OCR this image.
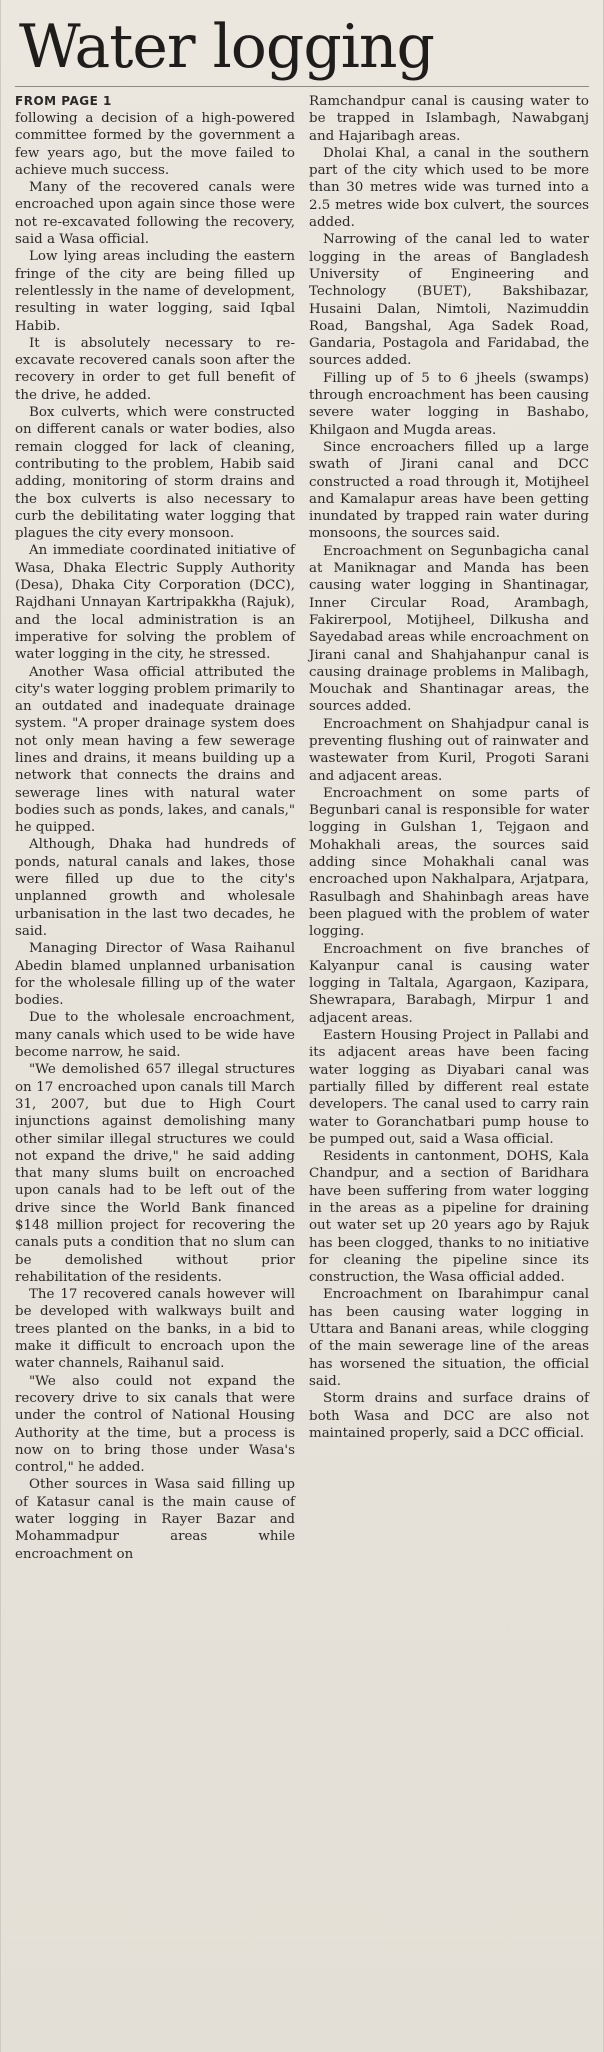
Water logging
FROM PAGE 1

following a decision of a high-powered committee formed by the government a few years ago, but the move failed to achieve much success.

Many of the recovered canals were encroached upon again since those were not re-excavated following the recovery, said a Wasa official.

Low lying areas including the eastern fringe of the city are being filled up relentlessly in the name of development, resulting in water logging, said Iqbal Habib.

It is absolutely necessary to re-excavate recovered canals soon after the recovery in order to get full benefit of the drive, he added.

Box culverts, which were constructed on different canals or water bodies, also remain clogged for lack of cleaning, contributing to the problem, Habib said adding, monitoring of storm drains and the box culverts is also necessary to curb the debilitating water logging that plagues the city every monsoon.

An immediate coordinated initiative of Wasa, Dhaka Electric Supply Authority (Desa), Dhaka City Corporation (DCC), Rajdhani Unnayan Kartripakkha (Rajuk), and the local administration is an imperative for solving the problem of water logging in the city, he stressed.

Another Wasa official attributed the city's water logging problem primarily to an outdated and inadequate drainage system. "A proper drainage system does not only mean having a few sewerage lines and drains, it means building up a network that connects the drains and sewerage lines with natural water bodies such as ponds, lakes, and canals," he quipped.

Although, Dhaka had hundreds of ponds, natural canals and lakes, those were filled up due to the city's unplanned growth and wholesale urbanisation in the last two decades, he said.

Managing Director of Wasa Raihanul Abedin blamed unplanned urbanisation for the wholesale filling up of the water bodies.

Due to the wholesale encroachment, many canals which used to be wide have become narrow, he said.

"We demolished 657 illegal structures on 17 encroached upon canals till March 31, 2007, but due to High Court injunctions against demolishing many other similar illegal structures we could not expand the drive," he said adding that many slums built on encroached upon canals had to be left out of the drive since the World Bank financed $148 million project for recovering the canals puts a condition that no slum can be demolished without prior rehabilitation of the residents.

The 17 recovered canals however will be developed with walkways built and trees planted on the banks, in a bid to make it difficult to encroach upon the water channels, Raihanul said.

"We also could not expand the recovery drive to six canals that were under the control of National Housing Authority at the time, but a process is now on to bring those under Wasa's control," he added.

Other sources in Wasa said filling up of Katasur canal is the main cause of water logging in Rayer Bazar and Mohammadpur areas while encroachment on

Ramchandpur canal is causing water to be trapped in Islambagh, Nawabganj and Hajaribagh areas.

Dholai Khal, a canal in the southern part of the city which used to be more than 30 metres wide was turned into a 2.5 metres wide box culvert, the sources added.

Narrowing of the canal led to water logging in the areas of Bangladesh University of Engineering and Technology (BUET), Bakshibazar, Husaini Dalan, Nimtoli, Nazimuddin Road, Bangshal, Aga Sadek Road, Gandaria, Postagola and Faridabad, the sources added.

Filling up of 5 to 6 jheels (swamps) through encroachment has been causing severe water logging in Bashabo, Khilgaon and Mugda areas.

Since encroachers filled up a large swath of Jirani canal and DCC constructed a road through it, Motijheel and Kamalapur areas have been getting inundated by trapped rain water during monsoons, the sources said.

Encroachment on Segunbagicha canal at Maniknagar and Manda has been causing water logging in Shantinagar, Inner Circular Road, Arambagh, Fakirerpool, Motijheel, Dilkusha and Sayedabad areas while encroachment on Jirani canal and Shahjahanpur canal is causing drainage problems in Malibagh, Mouchak and Shantinagar areas, the sources added.

Encroachment on Shahjadpur canal is preventing flushing out of rainwater and wastewater from Kuril, Progoti Sarani and adjacent areas.

Encroachment on some parts of Begunbari canal is responsible for water logging in Gulshan 1, Tejgaon and Mohakhali areas, the sources said adding since Mohakhali canal was encroached upon Nakhalpara, Arjatpara, Rasulbagh and Shahinbagh areas have been plagued with the problem of water logging.

Encroachment on five branches of Kalyanpur canal is causing water logging in Taltala, Agargaon, Kazipara, Shewrapara, Barabagh, Mirpur 1 and adjacent areas.

Eastern Housing Project in Pallabi and its adjacent areas have been facing water logging as Diyabari canal was partially filled by different real estate developers. The canal used to carry rain water to Goranchatbari pump house to be pumped out, said a Wasa official.

Residents in cantonment, DOHS, Kala Chandpur, and a section of Baridhara have been suffering from water logging in the areas as a pipeline for draining out water set up 20 years ago by Rajuk has been clogged, thanks to no initiative for cleaning the pipeline since its construction, the Wasa official added.

Encroachment on Ibarahimpur canal has been causing water logging in Uttara and Banani areas, while clogging of the main sewerage line of the areas has worsened the situation, the official said.

Storm drains and surface drains of both Wasa and DCC are also not maintained properly, said a DCC official.
